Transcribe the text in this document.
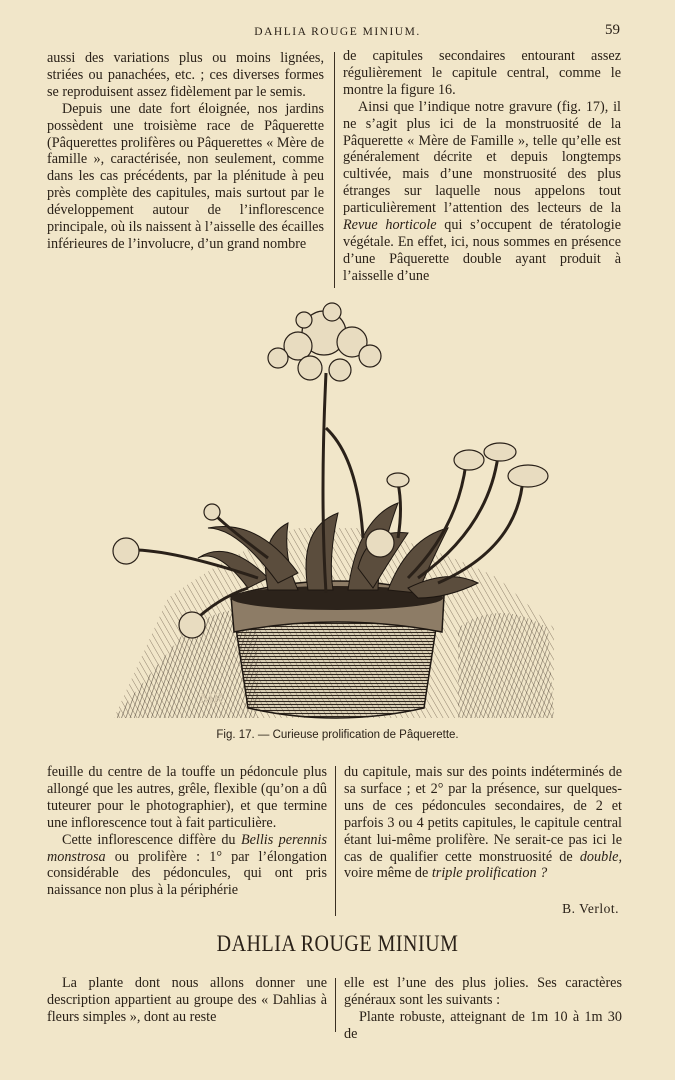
DAHLIA ROUGE MINIUM.	59

aussi des variations plus ou moins lignées, striées ou panachées, etc. ; ces diverses formes se reproduisent assez fidèlement par le semis.

Depuis une date fort éloignée, nos jardins possèdent une troisième race de Pâquerette (Pâquerettes prolifères ou Pâquerettes « Mère de famille », caractérisée, non seulement, comme dans les cas précédents, par la plénitude à peu près complète des capitules, mais surtout par le développement autour de l’inflorescence principale, où ils naissent à l’aisselle des écailles inférieures de l’involucre, d’un grand nombre

de capitules secondaires entourant assez régulièrement le capitule central, comme le montre la figure 16.

Ainsi que l’indique notre gravure (fig. 17), il ne s’agit plus ici de la monstruosité de la Pâquerette « Mère de Famille », telle qu’elle est généralement décrite et depuis longtemps cultivée, mais d’une monstruosité des plus étranges sur laquelle nous appelons tout particulièrement l’attention des lecteurs de la Revue horticole qui s’occupent de tératologie végétale. En effet, ici, nous sommes en présence d’une Pâquerette double ayant produit à l’aisselle d’une

MR
Fig. 17. — Curieuse prolification de Pâquerette.

feuille du centre de la touffe un pédoncule plus allongé que les autres, grêle, flexible (qu’on a dû tuteurer pour le photographier), et que termine une inflorescence tout à fait particulière.

Cette inflorescence diffère du Bellis perennis monstrosa ou prolifère : 1° par l’élongation considérable des pédoncules, qui ont pris naissance non plus à la périphérie

du capitule, mais sur des points indéterminés de sa surface ; et 2° par la présence, sur quelques-uns de ces pédoncules secondaires, de 2 et parfois 3 ou 4 petits capitules, le capitule central étant lui-même prolifère. Ne serait-ce pas ici le cas de qualifier cette monstruosité de double, voire même de triple prolification ?

B. Verlot.
DAHLIA ROUGE MINIUM

La plante dont nous allons donner une description appartient au groupe des « Dahlias à fleurs simples », dont au reste

elle est l’une des plus jolies. Ses caractères généraux sont les suivants :

Plante robuste, atteignant de 1m 10 à 1m 30 de
